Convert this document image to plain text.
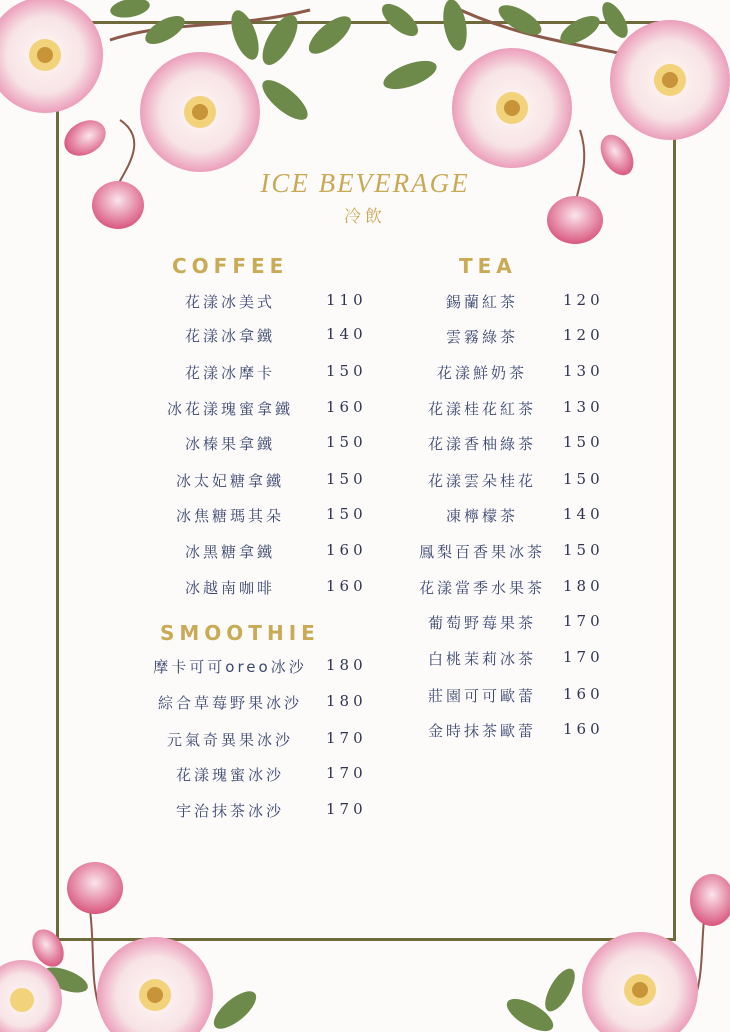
ICE BEVERAGE
冷飲
COFFEE	TEA
SMOOTHIE
花漾冰美式	110
花漾冰拿鐵	140
花漾冰摩卡	150
冰花漾瑰蜜拿鐵	160
冰榛果拿鐵	150
冰太妃糖拿鐵	150
冰焦糖瑪其朵	150
冰黑糖拿鐵	160
冰越南咖啡	160
摩卡可可oreo冰沙	180
綜合草莓野果冰沙	180
元氣奇異果冰沙	170
花漾瑰蜜冰沙	170
宇治抹茶冰沙	170
錫蘭紅茶	120
雲霧綠茶	120
花漾鮮奶茶	130
花漾桂花紅茶	130
花漾香柚綠茶	150
花漾雲朵桂花	150
凍檸檬茶	140
鳳梨百香果冰茶	150
花漾當季水果茶	180
葡萄野莓果茶	170
白桃茉莉冰茶	170
莊園可可歐蕾	160
金時抹茶歐蕾	160
